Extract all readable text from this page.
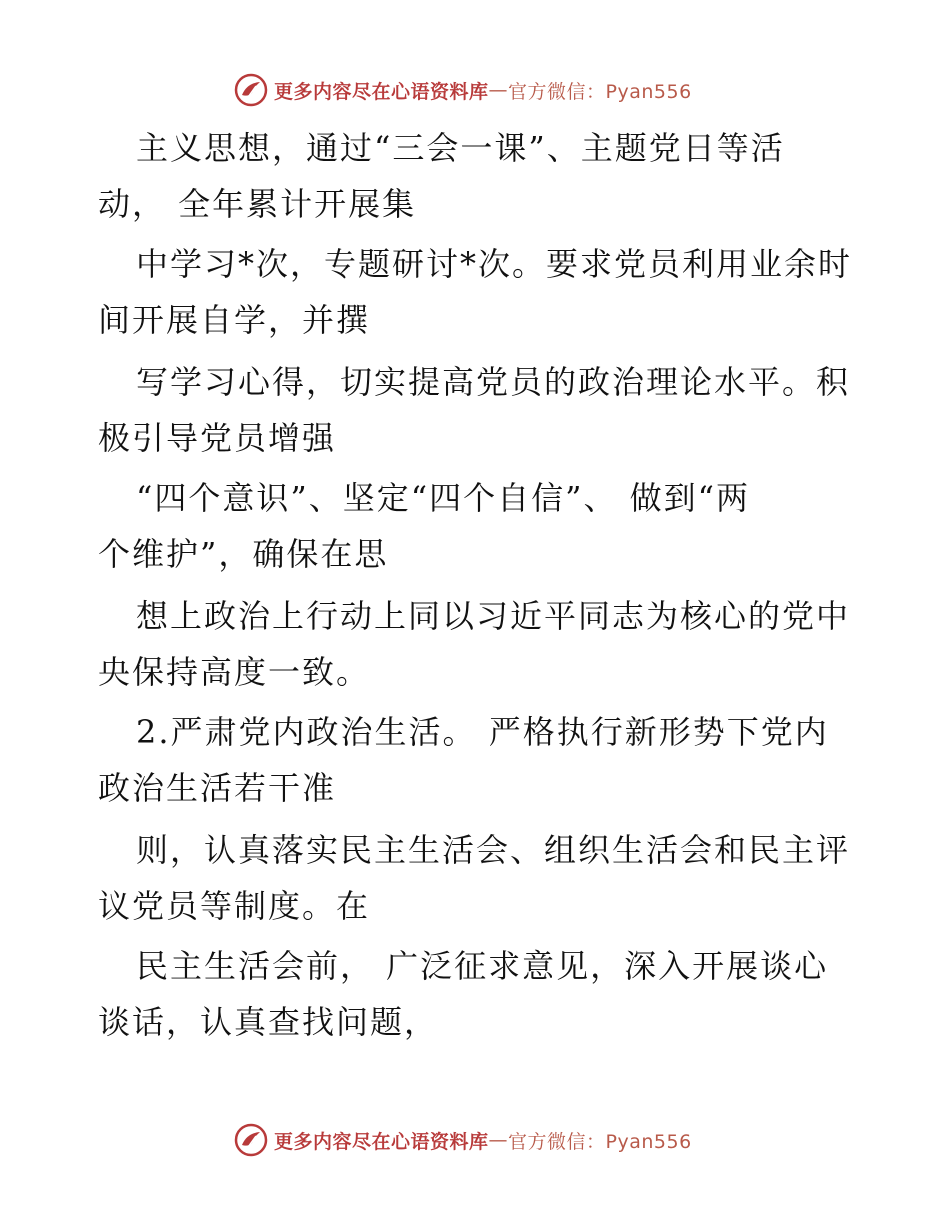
更多内容尽在心语资料库 — 官方微信：Pyan556
主义思想，通过“三会一课”、主题党日等活
动， 全年累计开展集
中学习*次，专题研讨*次。要求党员利用业余时
间开展自学，并撰
写学习心得，切实提高党员的政治理论水平。积
极引导党员增强
“四个意识”、坚定“四个自信”、 做到“两
个维护”，确保在思
想上政治上行动上同以习近平同志为核心的党中
央保持高度一致。
2.严肃党内政治生活。 严格执行新形势下党内
政治生活若干准
则，认真落实民主生活会、组织生活会和民主评
议党员等制度。在
民主生活会前， 广泛征求意见，深入开展谈心
谈话，认真查找问题，
更多内容尽在心语资料库 — 官方微信：Pyan556
